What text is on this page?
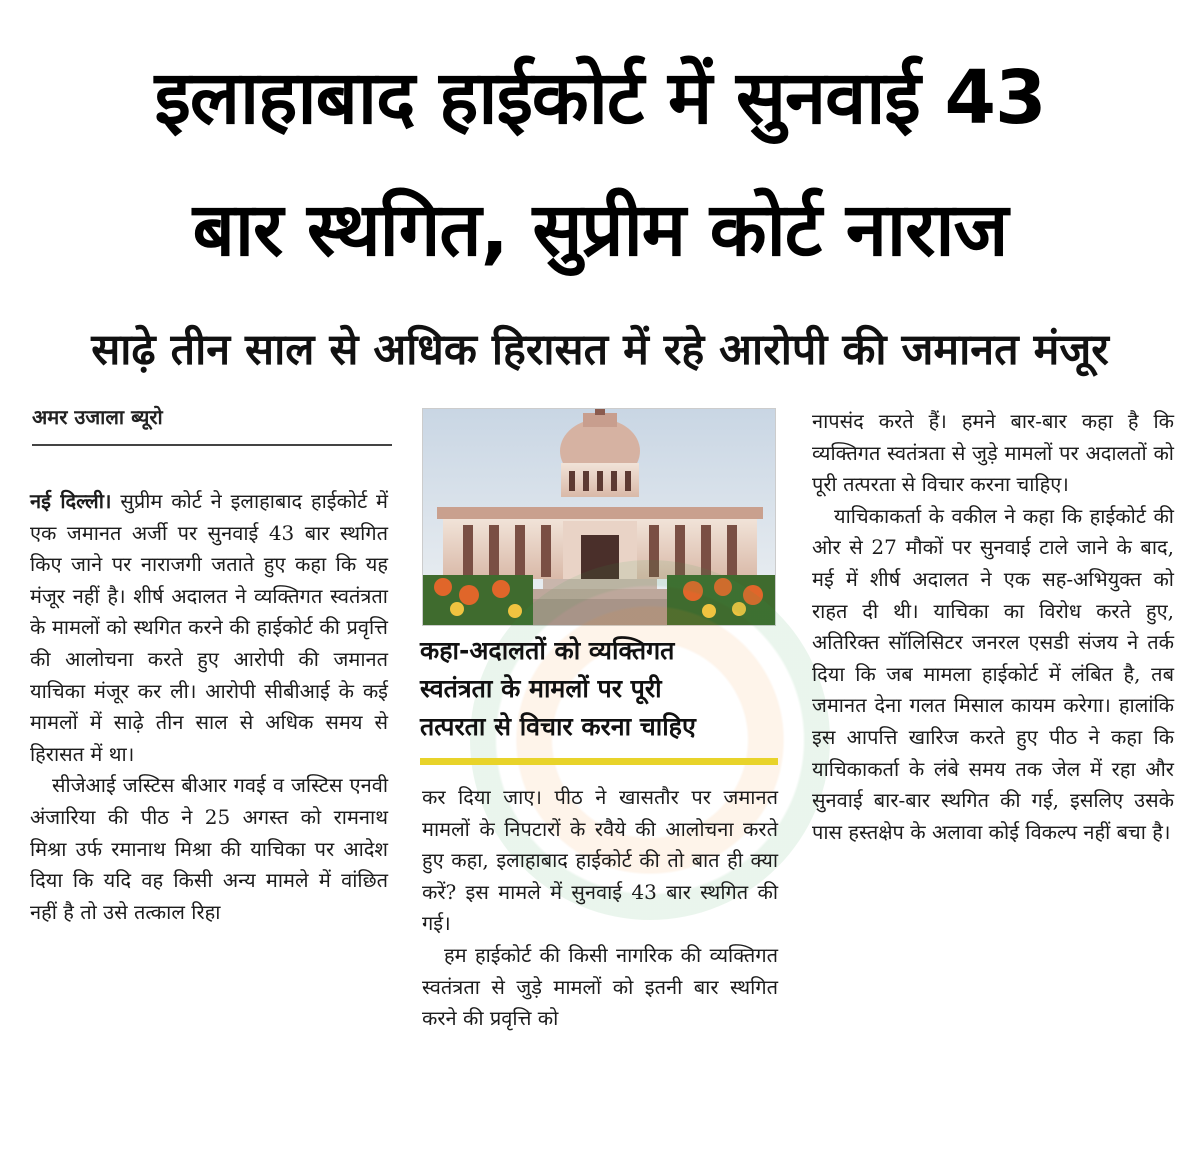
इलाहाबाद हाईकोर्ट में सुनवाई 43
बार स्थगित, सुप्रीम कोर्ट नाराज
साढ़े तीन साल से अधिक हिरासत में रहे आरोपी की जमानत मंजूर
अमर उजाला ब्यूरो

नई दिल्ली। सुप्रीम कोर्ट ने इलाहाबाद हाईकोर्ट में एक जमानत अर्जी पर सुनवाई 43 बार स्थगित किए जाने पर नाराजगी जताते हुए कहा कि यह मंजूर नहीं है। शीर्ष अदालत ने व्यक्तिगत स्वतंत्रता के मामलों को स्थगित करने की हाईकोर्ट की प्रवृत्ति की आलोचना करते हुए आरोपी की जमानत याचिका मंजूर कर ली। आरोपी सीबीआई के कई मामलों में साढ़े तीन साल से अधिक समय से हिरासत में था।

सीजेआई जस्टिस बीआर गवई व जस्टिस एनवी अंजारिया की पीठ ने 25 अगस्त को रामनाथ मिश्रा उर्फ रमानाथ मिश्रा की याचिका पर आदेश दिया कि यदि वह किसी अन्य मामले में वांछित नहीं है तो उसे तत्काल रिहा

कहा-अदालतों को व्यक्तिगत
स्वतंत्रता के मामलों पर पूरी
तत्परता से विचार करना चाहिए

कर दिया जाए। पीठ ने खासतौर पर जमानत मामलों के निपटारों के रवैये की आलोचना करते हुए कहा, इलाहाबाद हाईकोर्ट की तो बात ही क्या करें? इस मामले में सुनवाई 43 बार स्थगित की गई।

हम हाईकोर्ट की किसी नागरिक की व्यक्तिगत स्वतंत्रता से जुड़े मामलों को इतनी बार स्थगित करने की प्रवृत्ति को

नापसंद करते हैं। हमने बार-बार कहा है कि व्यक्तिगत स्वतंत्रता से जुड़े मामलों पर अदालतों को पूरी तत्परता से विचार करना चाहिए।

याचिकाकर्ता के वकील ने कहा कि हाईकोर्ट की ओर से 27 मौकों पर सुनवाई टाले जाने के बाद, मई में शीर्ष अदालत ने एक सह-अभियुक्त को राहत दी थी। याचिका का विरोध करते हुए, अतिरिक्त सॉलिसिटर जनरल एसडी संजय ने तर्क दिया कि जब मामला हाईकोर्ट में लंबित है, तब जमानत देना गलत मिसाल कायम करेगा। हालांकि इस आपत्ति खारिज करते हुए पीठ ने कहा कि याचिकाकर्ता के लंबे समय तक जेल में रहा और सुनवाई बार-बार स्थगित की गई, इसलिए उसके पास हस्तक्षेप के अलावा कोई विकल्प नहीं बचा है।
